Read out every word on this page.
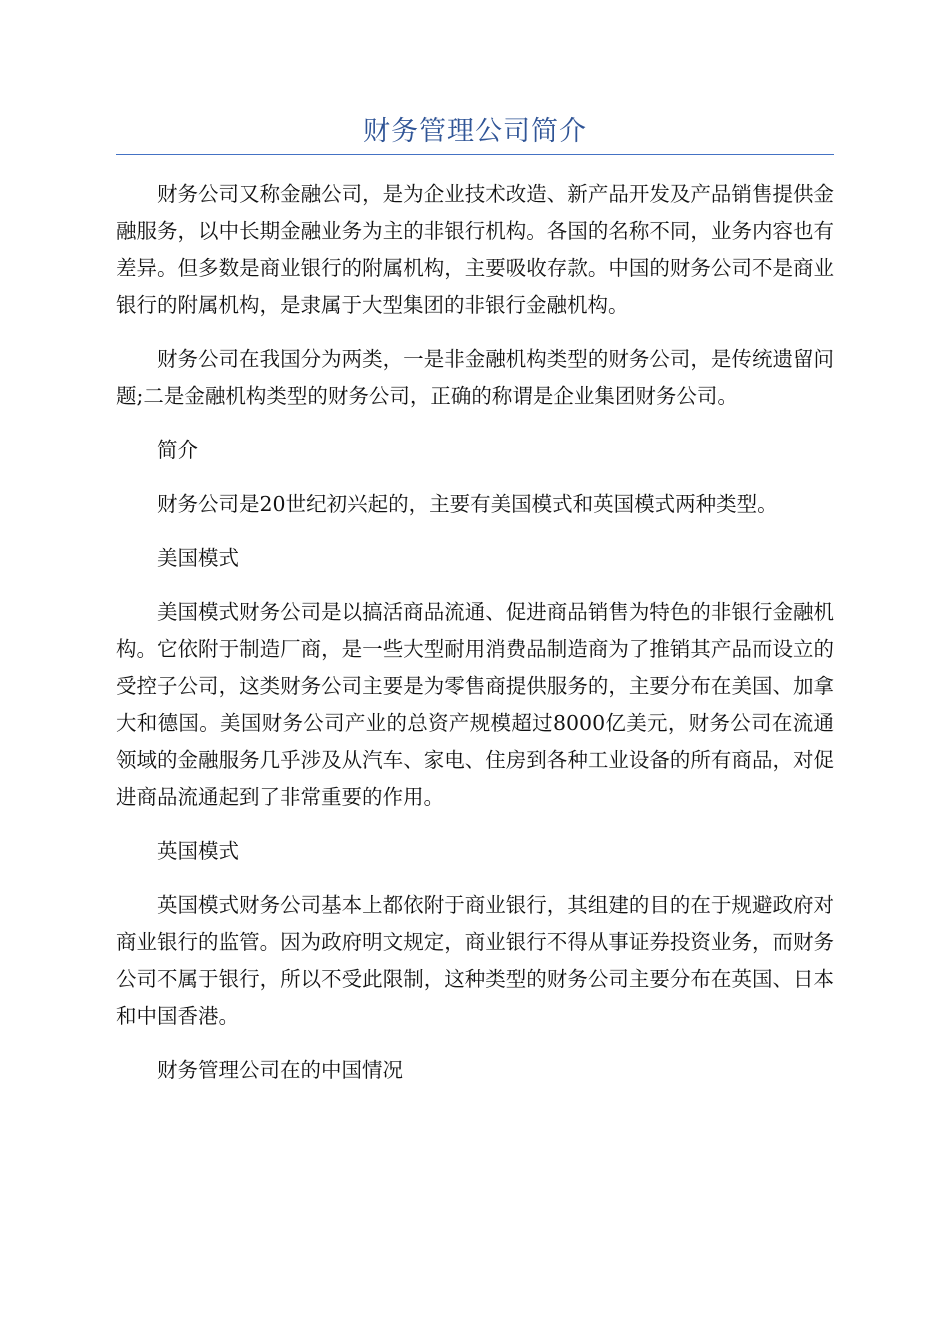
财务管理公司简介

财务公司又称金融公司，是为企业技术改造、新产品开发及产品销售提供金融服务，以中长期金融业务为主的非银行机构。各国的名称不同，业务内容也有差异。但多数是商业银行的附属机构，主要吸收存款。中国的财务公司不是商业银行的附属机构，是隶属于大型集团的非银行金融机构。

财务公司在我国分为两类，一是非金融机构类型的财务公司，是传统遗留问题;二是金融机构类型的财务公司，正确的称谓是企业集团财务公司。

简介

财务公司是20世纪初兴起的，主要有美国模式和英国模式两种类型。

美国模式

美国模式财务公司是以搞活商品流通、促进商品销售为特色的非银行金融机构。它依附于制造厂商，是一些大型耐用消费品制造商为了推销其产品而设立的受控子公司，这类财务公司主要是为零售商提供服务的，主要分布在美国、加拿大和德国。美国财务公司产业的总资产规模超过8000亿美元，财务公司在流通领域的金融服务几乎涉及从汽车、家电、住房到各种工业设备的所有商品，对促进商品流通起到了非常重要的作用。

英国模式

英国模式财务公司基本上都依附于商业银行，其组建的目的在于规避政府对商业银行的监管。因为政府明文规定，商业银行不得从事证券投资业务，而财务公司不属于银行，所以不受此限制，这种类型的财务公司主要分布在英国、日本和中国香港。

财务管理公司在的中国情况
